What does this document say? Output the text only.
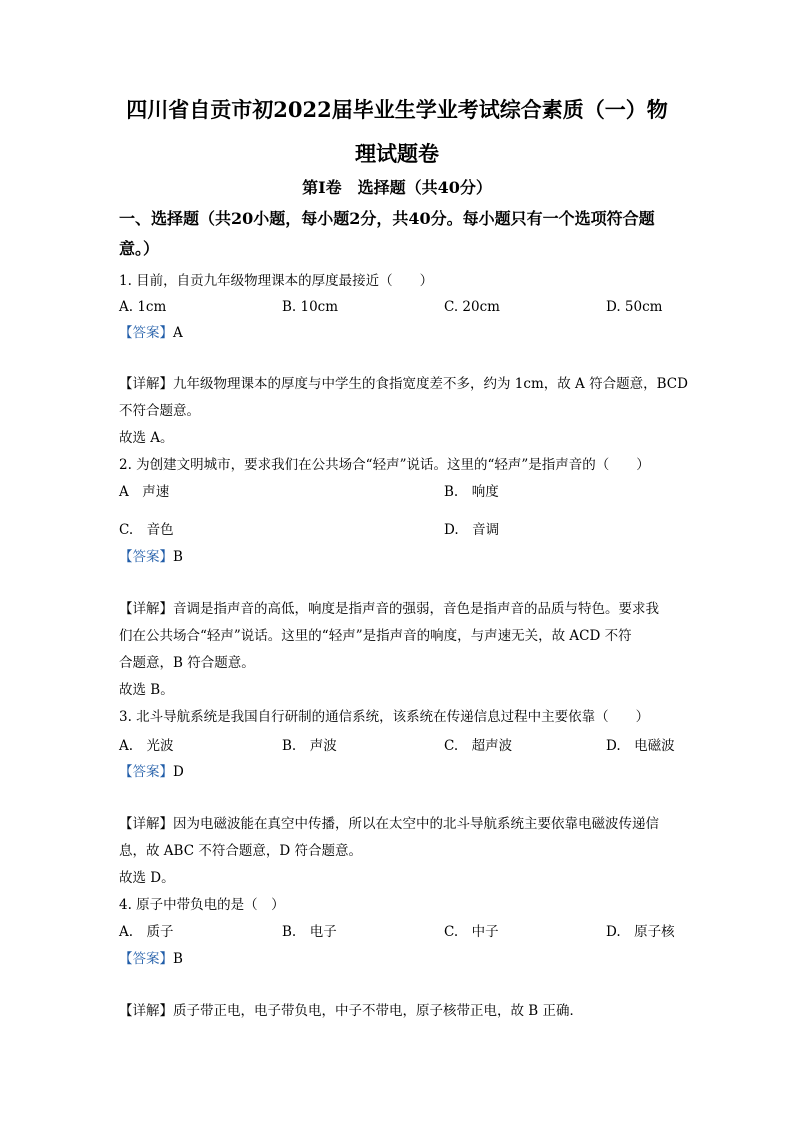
四川省自贡市初2022届毕业生学业考试综合素质（一）物
理试题卷
第I卷　选择题（共40分）
一、选择题（共20小题，每小题2分，共40分。每小题只有一个选项符合题
意。）
1. 目前，自贡九年级物理课本的厚度最接近（　　）
A. 1cm	B. 10cm	C. 20cm	D. 50cm
【答案】A
【详解】九年级物理课本的厚度与中学生的食指宽度差不多，约为 1cm，故 A 符合题意，BCD
不符合题意。
故选 A。
2. 为创建文明城市，要求我们在公共场合“轻声”说话。这里的“轻声”是指声音的（　　）
A　声速	B.　响度
C.　音色	D.　音调
【答案】B
【详解】音调是指声音的高低，响度是指声音的强弱，音色是指声音的品质与特色。要求我
们在公共场合“轻声”说话。这里的“轻声”是指声音的响度，与声速无关，故 ACD 不符
合题意，B 符合题意。
故选 B。
3. 北斗导航系统是我国自行研制的通信系统，该系统在传递信息过程中主要依靠（　　）
A.　光波	B.　声波	C.　超声波	D.　电磁波
【答案】D
【详解】因为电磁波能在真空中传播，所以在太空中的北斗导航系统主要依靠电磁波传递信
息，故 ABC 不符合题意，D 符合题意。
故选 D。
4. 原子中带负电的是（　）
A.　质子	B.　电子	C.　中子	D.　原子核
【答案】B
【详解】质子带正电，电子带负电，中子不带电，原子核带正电，故 B 正确．
